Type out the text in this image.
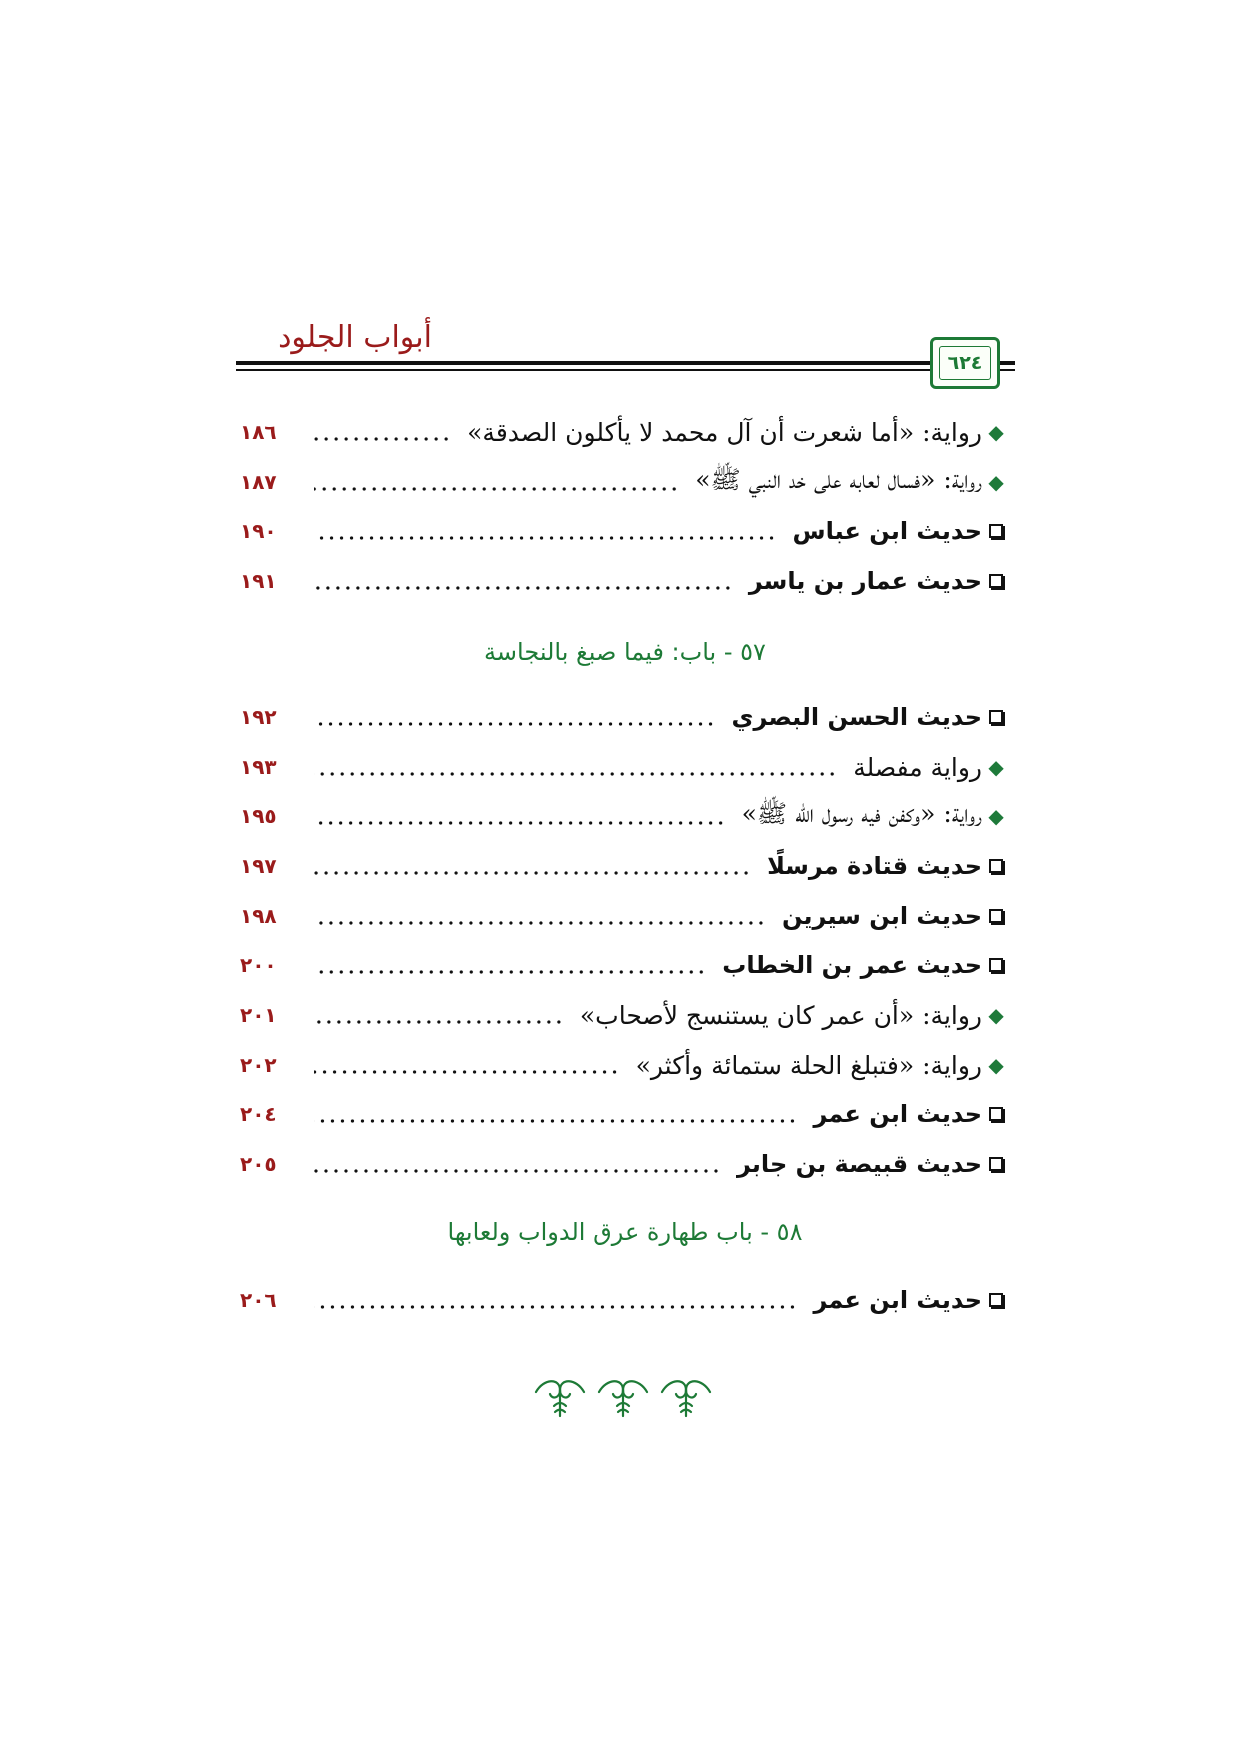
أبواب الجلود
٦٢٤
◆
رواية: «أما شعرت أن آل محمد لا يأكلون الصدقة»
١٨٦
◆
رواية: «فسال لعابه على خد النبي ﷺ»
١٨٧
حديث ابن عباس
١٩٠
حديث عمار بن ياسر
١٩١
٥٧ - باب: فيما صبغ بالنجاسة
حديث الحسن البصري
١٩٢
◆
رواية مفصلة
١٩٣
◆
رواية: «وكفن فيه رسول الله ﷺ»
١٩٥
حديث قتادة مرسلًا
١٩٧
حديث ابن سيرين
١٩٨
حديث عمر بن الخطاب
٢٠٠
◆
رواية: «أن عمر كان يستنسج لأصحاب»
٢٠١
◆
رواية: «فتبلغ الحلة ستمائة وأكثر»
٢٠٢
حديث ابن عمر
٢٠٤
حديث قبيصة بن جابر
٢٠٥
٥٨ - باب طهارة عرق الدواب ولعابها
حديث ابن عمر
٢٠٦
